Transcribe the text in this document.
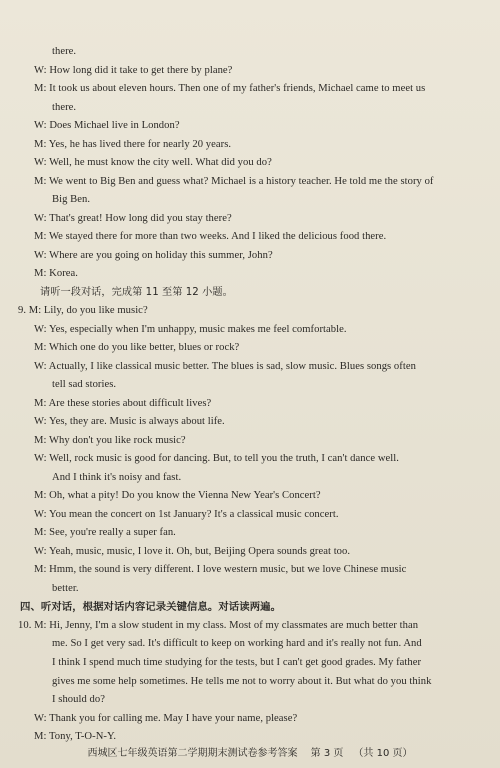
there.
W: How long did it take to get there by plane?
M: It took us about eleven hours. Then one of my father's friends, Michael came to meet us
there.
W: Does Michael live in London?
M: Yes, he has lived there for nearly 20 years.
W: Well, he must know the city well. What did you do?
M: We went to Big Ben and guess what? Michael is a history teacher. He told me the story of
Big Ben.
W: That's great! How long did you stay there?
M: We stayed there for more than two weeks. And I liked the delicious food there.
W: Where are you going on holiday this summer, John?
M: Korea.
请听一段对话，完成第 11 至第 12 小题。
9. M: Lily, do you like music?
W: Yes, especially when I'm unhappy, music makes me feel comfortable.
M: Which one do you like better, blues or rock?
W: Actually, I like classical music better. The blues is sad, slow music. Blues songs often
tell sad stories.
M: Are these stories about difficult lives?
W: Yes, they are. Music is always about life.
M: Why don't you like rock music?
W: Well, rock music is good for dancing. But, to tell you the truth, I can't dance well.
And I think it's noisy and fast.
M: Oh, what a pity! Do you know the Vienna New Year's Concert?
W: You mean the concert on 1st January? It's a classical music concert.
M: See, you're really a super fan.
W: Yeah, music, music, I love it. Oh, but, Beijing Opera sounds great too.
M: Hmm, the sound is very different. I love western music, but we love Chinese music
better.
四、听对话，根据对话内容记录关键信息。对话读两遍。
10. M: Hi, Jenny, I'm a slow student in my class. Most of my classmates are much better than
me. So I get very sad. It's difficult to keep on working hard and it's really not fun. And
I think I spend much time studying for the tests, but I can't get good grades. My father
gives me some help sometimes. He tells me not to worry about it. But what do you think
I should do?
W: Thank you for calling me. May I have your name, please?
M: Tony, T-O-N-Y.
西城区七年级英语第二学期期末测试卷参考答案 第 3 页 （共 10 页）
